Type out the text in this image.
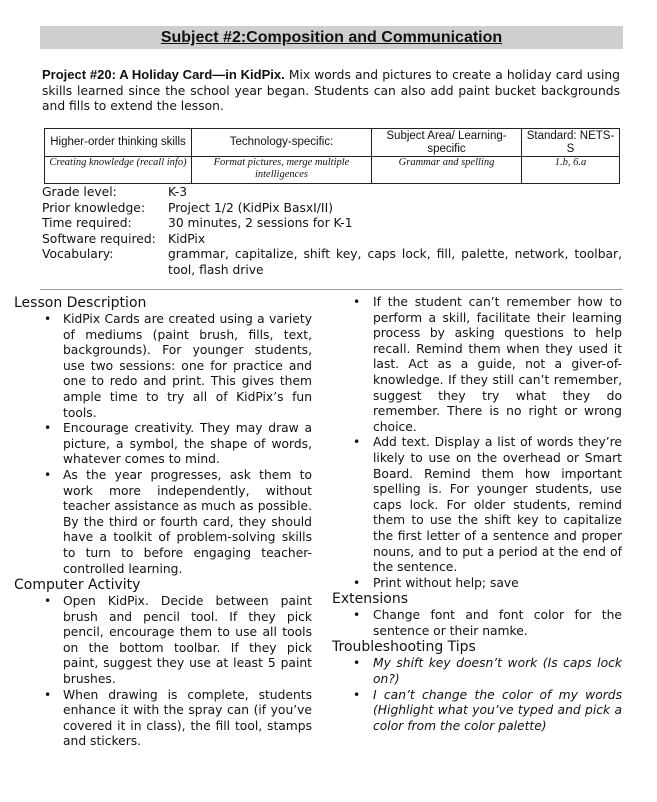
Subject #2:Composition and Communication
Project #20: A Holiday Card—in KidPix. Mix words and pictures to create a holiday card using skills learned since the school year began. Students can also add paint bucket backgrounds and fills to extend the lesson.
Higher-order thinking skills	Technology-specific:	Subject Area/ Learning-specific	Standard: NETS-S
Creating knowledge (recall info)	Format pictures, merge multiple intelligences	Grammar and spelling	1.b, 6.a
Grade level:	K-3
Prior knowledge:	Project 1/2 (KidPix BasxI/II)
Time required:	30 minutes, 2 sessions for K-1
Software required: KidPix
Vocabulary:	grammar, capitalize, shift key, caps lock, fill, palette, network, toolbar, tool, flash drive
Lesson Description
• KidPix Cards are created using a variety of mediums (paint brush, fills, text, backgrounds). For younger students, use two sessions: one for practice and one to redo and print. This gives them ample time to try all of KidPix’s fun tools.
• Encourage creativity. They may draw a picture, a symbol, the shape of words, whatever comes to mind.
• As the year progresses, ask them to work more independently, without teacher assistance as much as possible. By the third or fourth card, they should have a toolkit of problem-solving skills to turn to before engaging teacher-controlled learning.
Computer Activity
• Open KidPix. Decide between paint brush and pencil tool. If they pick pencil, encourage them to use all tools on the bottom toolbar. If they pick paint, suggest they use at least 5 paint brushes.
• When drawing is complete, students enhance it with the spray can (if you’ve covered it in class), the fill tool, stamps and stickers.
• If the student can’t remember how to perform a skill, facilitate their learning process by asking questions to help recall. Remind them when they used it last. Act as a guide, not a giver-of-knowledge. If they still can’t remember, suggest they try what they do remember. There is no right or wrong choice.
• Add text. Display a list of words they’re likely to use on the overhead or Smart Board. Remind them how important spelling is. For younger students, use caps lock. For older students, remind them to use the shift key to capitalize the first letter of a sentence and proper nouns, and to put a period at the end of the sentence.
• Print without help; save
Extensions
• Change font and font color for the sentence or their namke.
Troubleshooting Tips
• My shift key doesn’t work (Is caps lock on?)
• I can’t change the color of my words (Highlight what you’ve typed and pick a color from the color palette)
